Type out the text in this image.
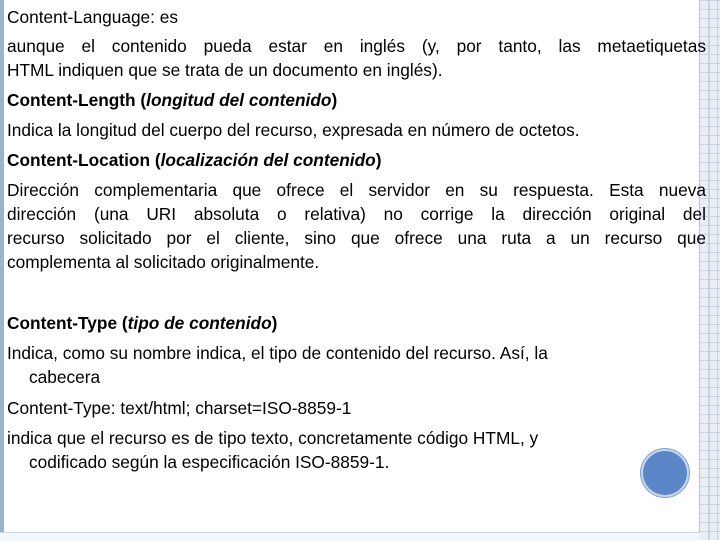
Content-Language: es
aunque el contenido pueda estar en inglés (y, por tanto, las metaetiquetas
HTML indiquen que se trata de un documento en inglés).
Content-Length (longitud del contenido)
Indica la longitud del cuerpo del recurso, expresada en número de octetos.
Content-Location (localización del contenido)
Dirección complementaria que ofrece el servidor en su respuesta. Esta nueva
dirección (una URI absoluta o relativa) no corrige la dirección original del
recurso solicitado por el cliente, sino que ofrece una ruta a un recurso que
complementa al solicitado originalmente.
Content-Type (tipo de contenido)
Indica, como su nombre indica, el tipo de contenido del recurso. Así, la
cabecera
Content-Type: text/html; charset=ISO-8859-1
indica que el recurso es de tipo texto, concretamente código HTML, y
codificado según la especificación ISO-8859-1.
